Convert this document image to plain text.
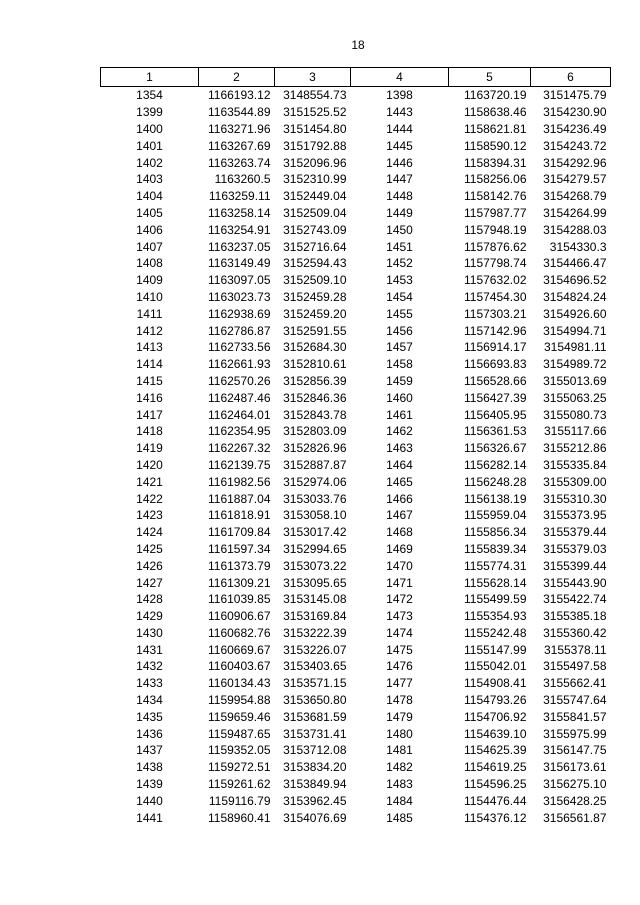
18
1	2	3	4	5	6
1354	1166193.12	3148554.73	1398	1163720.19	3151475.79
1399	1163544.89	3151525.52	1443	1158638.46	3154230.90
1400	1163271.96	3151454.80	1444	1158621.81	3154236.49
1401	1163267.69	3151792.88	1445	1158590.12	3154243.72
1402	1163263.74	3152096.96	1446	1158394.31	3154292.96
1403	1163260.5	3152310.99	1447	1158256.06	3154279.57
1404	1163259.11	3152449.04	1448	1158142.76	3154268.79
1405	1163258.14	3152509.04	1449	1157987.77	3154264.99
1406	1163254.91	3152743.09	1450	1157948.19	3154288.03
1407	1163237.05	3152716.64	1451	1157876.62	3154330.3
1408	1163149.49	3152594.43	1452	1157798.74	3154466.47
1409	1163097.05	3152509.10	1453	1157632.02	3154696.52
1410	1163023.73	3152459.28	1454	1157454.30	3154824.24
1411	1162938.69	3152459.20	1455	1157303.21	3154926.60
1412	1162786.87	3152591.55	1456	1157142.96	3154994.71
1413	1162733.56	3152684.30	1457	1156914.17	3154981.11
1414	1162661.93	3152810.61	1458	1156693.83	3154989.72
1415	1162570.26	3152856.39	1459	1156528.66	3155013.69
1416	1162487.46	3152846.36	1460	1156427.39	3155063.25
1417	1162464.01	3152843.78	1461	1156405.95	3155080.73
1418	1162354.95	3152803.09	1462	1156361.53	3155117.66
1419	1162267.32	3152826.96	1463	1156326.67	3155212.86
1420	1162139.75	3152887.87	1464	1156282.14	3155335.84
1421	1161982.56	3152974.06	1465	1156248.28	3155309.00
1422	1161887.04	3153033.76	1466	1156138.19	3155310.30
1423	1161818.91	3153058.10	1467	1155959.04	3155373.95
1424	1161709.84	3153017.42	1468	1155856.34	3155379.44
1425	1161597.34	3152994.65	1469	1155839.34	3155379.03
1426	1161373.79	3153073.22	1470	1155774.31	3155399.44
1427	1161309.21	3153095.65	1471	1155628.14	3155443.90
1428	1161039.85	3153145.08	1472	1155499.59	3155422.74
1429	1160906.67	3153169.84	1473	1155354.93	3155385.18
1430	1160682.76	3153222.39	1474	1155242.48	3155360.42
1431	1160669.67	3153226.07	1475	1155147.99	3155378.11
1432	1160403.67	3153403.65	1476	1155042.01	3155497.58
1433	1160134.43	3153571.15	1477	1154908.41	3155662.41
1434	1159954.88	3153650.80	1478	1154793.26	3155747.64
1435	1159659.46	3153681.59	1479	1154706.92	3155841.57
1436	1159487.65	3153731.41	1480	1154639.10	3155975.99
1437	1159352.05	3153712.08	1481	1154625.39	3156147.75
1438	1159272.51	3153834.20	1482	1154619.25	3156173.61
1439	1159261.62	3153849.94	1483	1154596.25	3156275.10
1440	1159116.79	3153962.45	1484	1154476.44	3156428.25
1441	1158960.41	3154076.69	1485	1154376.12	3156561.87
